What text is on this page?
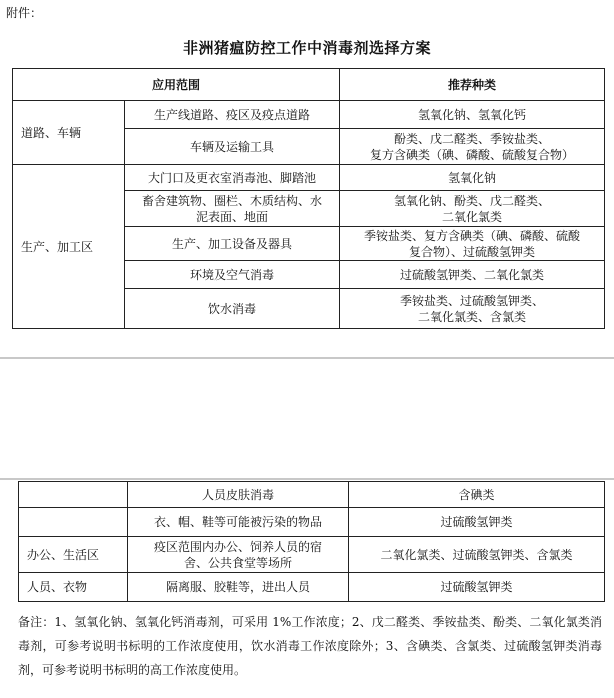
附件：
非洲猪瘟防控工作中消毒剂选择方案
应用范围		推荐种类
道路、车辆	生产线道路、疫区及疫点道路	氢氧化钠、氢氧化钙
	车辆及运输工具	酚类、戊二醛类、季铵盐类、
复方含碘类（碘、磷酸、硫酸复合物）
生产、加工区	大门口及更衣室消毒池、脚踏池	氢氧化钠
	畜舍建筑物、圈栏、木质结构、水
泥表面、地面	氢氧化钠、酚类、戊二醛类、
二氧化氯类
	生产、加工设备及器具	季铵盐类、复方含碘类（碘、磷酸、硫酸
复合物）、过硫酸氢钾类
	环境及空气消毒	过硫酸氢钾类、二氧化氯类
	饮水消毒	季铵盐类、过硫酸氢钾类、
二氧化氯类、含氯类
	人员皮肤消毒	含碘类
	衣、帽、鞋等可能被污染的物品	过硫酸氢钾类
办公、生活区	疫区范围内办公、饲养人员的宿
舍、公共食堂等场所	二氧化氯类、过硫酸氢钾类、含氯类
人员、衣物	隔离服、胶鞋等，进出人员	过硫酸氢钾类
备注：1、氢氧化钠、氢氧化钙消毒剂，可采用 1%工作浓度；2、戊二醛类、季铵盐类、酚类、二氧化氯类消毒剂，可参考说明书标明的工作浓度使用，饮水消毒工作浓度除外；3、含碘类、含氯类、过硫酸氢钾类消毒剂，可参考说明书标明的高工作浓度使用。
